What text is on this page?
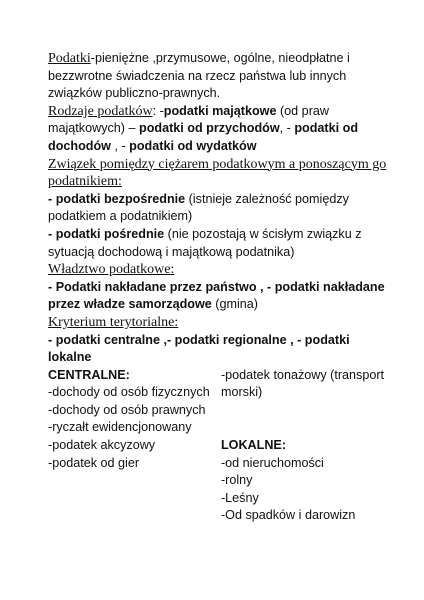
Podatki-pieniężne ,przymusowe, ogólne, nieodpłatne i bezzwrotne świadczenia na rzecz państwa lub innych związków publiczno-prawnych.

Rodzaje podatków: -podatki majątkowe (od praw majątkowych) – podatki od przychodów, - podatki od dochodów , - podatki od wydatków

Związek pomiędzy ciężarem podatkowym a ponoszącym go podatnikiem:

- podatki bezpośrednie (istnieje zależność pomiędzy podatkiem a podatnikiem)

- podatki pośrednie (nie pozostają w ścisłym związku z sytuacją dochodową i majątkową podatnika)

Władztwo podatkowe:

- Podatki nakładane przez państwo , - podatki nakładane przez władze samorządowe (gmina)

Kryterium terytorialne:

- podatki centralne ,- podatki regionalne , - podatki lokalne

CENTRALNE:

-dochody od osób fizycznych

-dochody od osób prawnych

-ryczałt ewidencjonowany

-podatek akcyzowy

-podatek od gier

-podatek tonażowy (transport morski)

LOKALNE:

-od nieruchomości

-rolny

-Leśny

-Od spadków i darowizn
